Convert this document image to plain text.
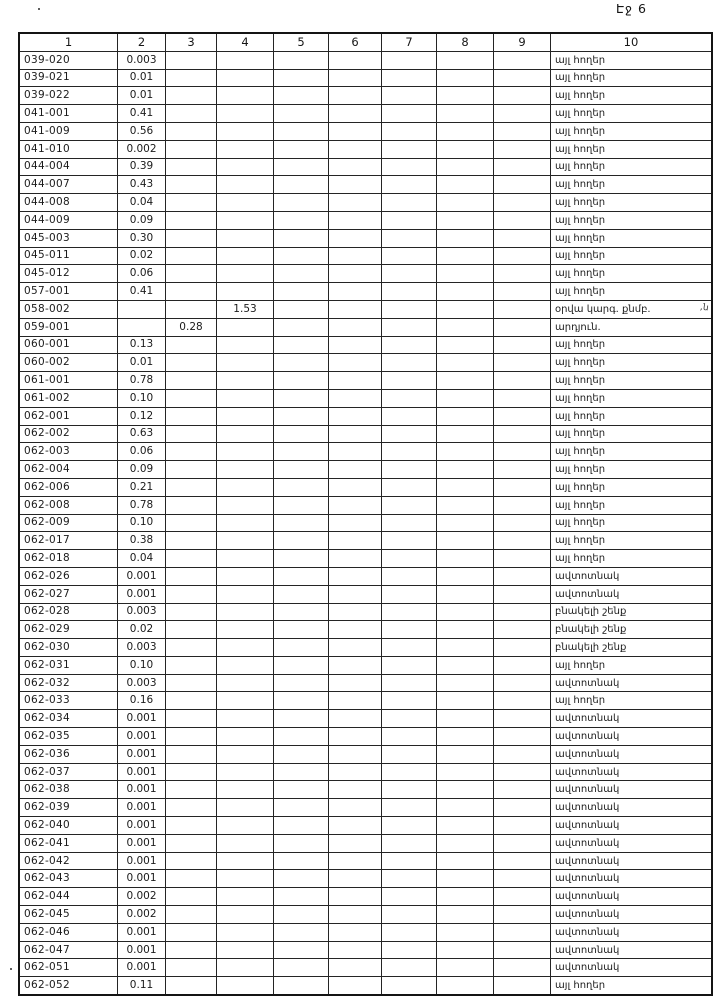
Էջ 6
1	2	3	4	5	6	7	8	9	10
039-020	0.003								այլ հողեր
039-021	0.01								այլ հողեր
039-022	0.01								այլ հողեր
041-001	0.41								այլ հողեր
041-009	0.56								այլ հողեր
041-010	0.002								այլ հողեր
044-004	0.39								այլ հողեր
044-007	0.43								այլ հողեր
044-008	0.04								այլ հողեր
044-009	0.09								այլ հողեր
045-003	0.30								այլ հողեր
045-011	0.02								այլ հողեր
045-012	0.06								այլ հողեր
057-001	0.41								այլ հողեր
058-002			1.53						օրվա կարգ. քնմբ.
059-001		0.28							արդյուն.
060-001	0.13								այլ հողեր
060-002	0.01								այլ հողեր
061-001	0.78								այլ հողեր
061-002	0.10								այլ հողեր
062-001	0.12								այլ հողեր
062-002	0.63								այլ հողեր
062-003	0.06								այլ հողեր
062-004	0.09								այլ հողեր
062-006	0.21								այլ հողեր
062-008	0.78								այլ հողեր
062-009	0.10								այլ հողեր
062-017	0.38								այլ հողեր
062-018	0.04								այլ հողեր
062-026	0.001								ավտոտնակ
062-027	0.001								ավտոտնակ
062-028	0.003								բնակելի շենք
062-029	0.02								բնակելի շենք
062-030	0.003								բնակելի շենք
062-031	0.10								այլ հողեր
062-032	0.003								ավտոտնակ
062-033	0.16								այլ հողեր
062-034	0.001								ավտոտնակ
062-035	0.001								ավտոտնակ
062-036	0.001								ավտոտնակ
062-037	0.001								ավտոտնակ
062-038	0.001								ավտոտնակ
062-039	0.001								ավտոտնակ
062-040	0.001								ավտոտնակ
062-041	0.001								ավտոտնակ
062-042	0.001								ավտոտնակ
062-043	0.001								ավտոտնակ
062-044	0.002								ավտոտնակ
062-045	0.002								ավտոտնակ
062-046	0.001								ավտոտնակ
062-047	0.001								ավտոտնակ
062-051	0.001								ավտոտնակ
062-052	0.11								այլ հողեր
,ն
